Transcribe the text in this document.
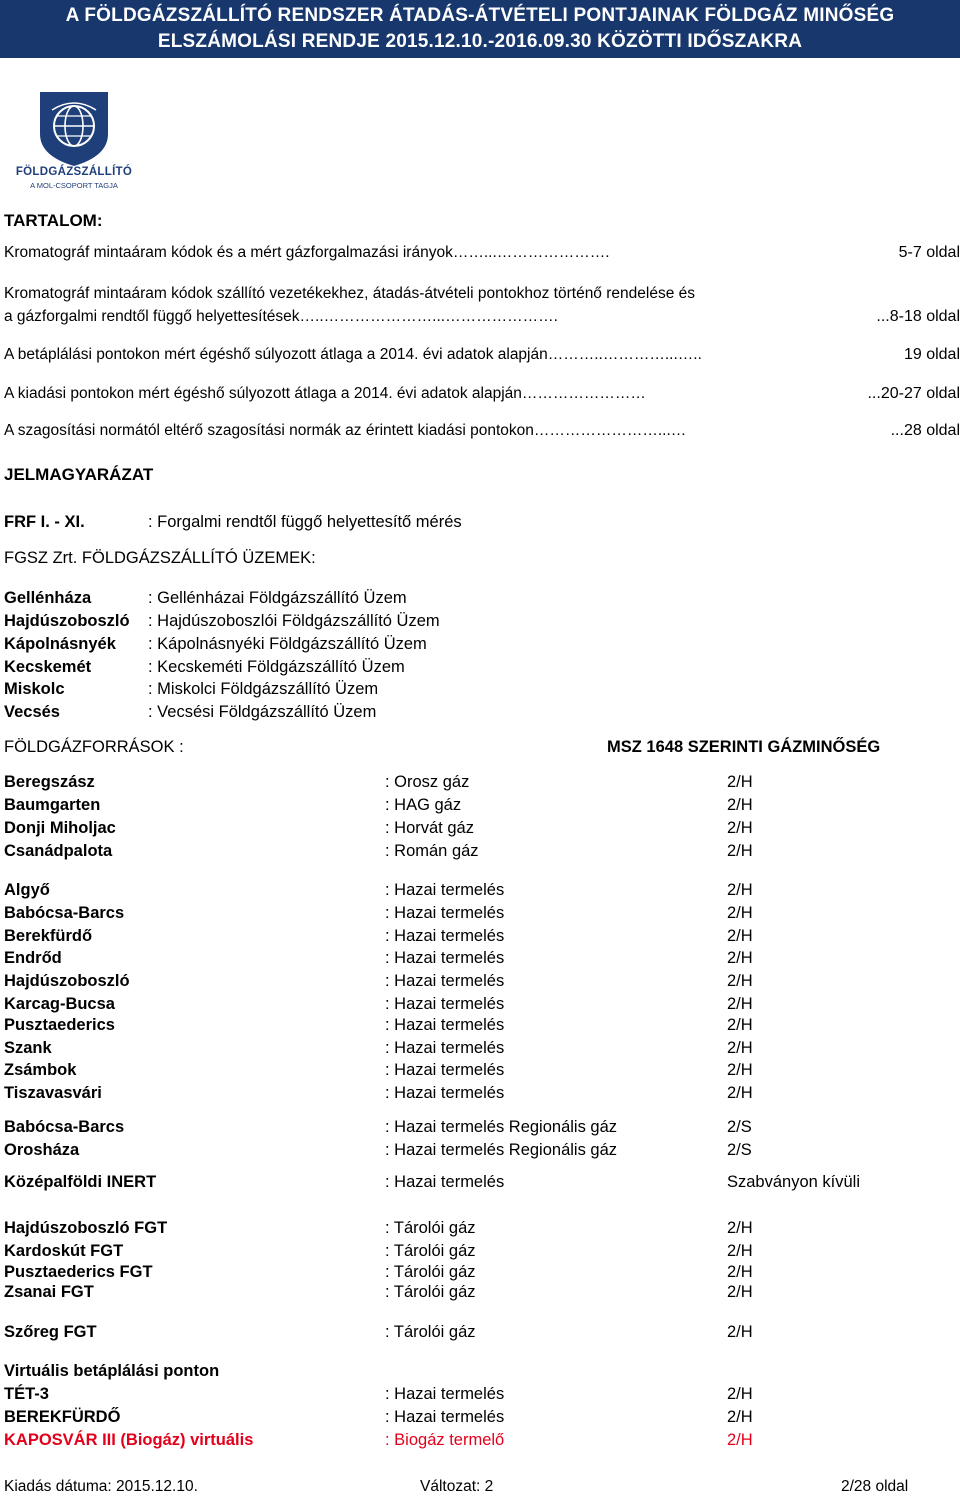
A FÖLDGÁZSZÁLLÍTÓ RENDSZER ÁTADÁS-ÁTVÉTELI PONTJAINAK FÖLDGÁZ MINŐSÉG
ELSZÁMOLÁSI RENDJE 2015.12.10.-2016.09.30 KÖZÖTTI IDŐSZAKRA
FÖLDGÁZSZÁLLÍTÓ
A MOL-CSOPORT TAGJA
TARTALOM:
Kromatográf mintaáram kódok és a mért gázforgalmazási irányok……...………………….	5-7 oldal
Kromatográf mintaáram kódok szállító vezetékekhez, átadás-átvételi pontokhoz történő rendelése és
a gázforgalmi rendtől függő helyettesítések…..…………………...………………….	...8-18 oldal
A betáplálási pontokon mért égéshő súlyozott átlaga a 2014. évi adatok alapján………..…………...…..	19 oldal
A kiadási pontokon mért égéshő súlyozott átlaga a 2014. évi adatok alapján……………………	...20-27 oldal
A szagosítási normától eltérő szagosítási normák az érintett kiadási pontokon……………………...…	...28 oldal
JELMAGYARÁZAT
FRF I. - XI.	: Forgalmi rendtől függő helyettesítő mérés
FGSZ Zrt. FÖLDGÁZSZÁLLÍTÓ ÜZEMEK:
Gellénháza	: Gellénházai Földgázszállító Üzem
Hajdúszoboszló : Hajdúszoboszlói Földgázszállító Üzem
Kápolnásnyék : Kápolnásnyéki Földgázszállító Üzem
Kecskemét	: Kecskeméti Földgázszállító Üzem
Miskolc	: Miskolci Földgázszállító Üzem
Vecsés	: Vecsési Földgázszállító Üzem
FÖLDGÁZFORRÁSOK :	MSZ 1648 SZERINTI GÁZMINŐSÉG
Beregszász	: Orosz gáz	2/H
Baumgarten	: HAG gáz	2/H
Donji Miholjac	: Horvát gáz	2/H
Csanádpalota	: Román gáz	2/H
Algyő	: Hazai termelés	2/H
Babócsa-Barcs	: Hazai termelés	2/H
Berekfürdő	: Hazai termelés	2/H
Endrőd	: Hazai termelés	2/H
Hajdúszoboszló	: Hazai termelés	2/H
Karcag-Bucsa	: Hazai termelés	2/H
Pusztaederics	: Hazai termelés	2/H
Szank	: Hazai termelés	2/H
Zsámbok	: Hazai termelés	2/H
Tiszavasvári	: Hazai termelés	2/H
Babócsa-Barcs	: Hazai termelés Regionális gáz	2/S
Orosháza	: Hazai termelés Regionális gáz	2/S
Középalföldi INERT	: Hazai termelés	Szabványon kívüli
Hajdúszoboszló FGT	: Tárolói gáz	2/H
Kardoskút FGT	: Tárolói gáz	2/H
Pusztaederics FGT	: Tárolói gáz	2/H
Zsanai FGT	: Tárolói gáz	2/H
Szőreg FGT	: Tárolói gáz	2/H
TÉT-3	: Hazai termelés	2/H
BEREKFÜRDŐ	: Hazai termelés	2/H
KAPOSVÁR III (Biogáz) virtuális	: Biogáz termelő	2/H
Virtuális betáplálási ponton
Kiadás dátuma: 2015.12.10.	Változat: 2	2/28 oldal
